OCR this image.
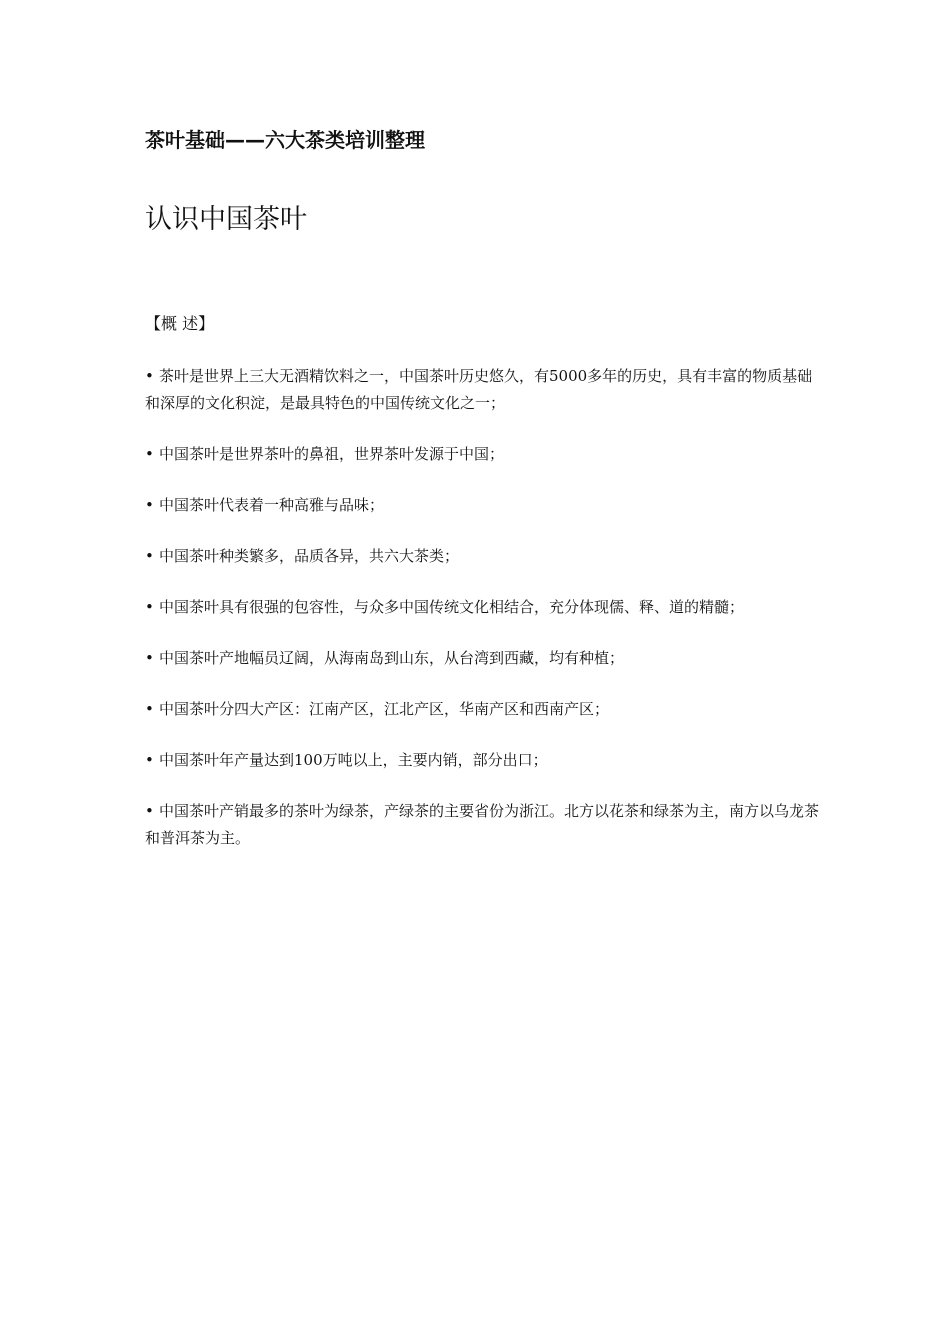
茶叶基础——六大茶类培训整理
认识中国茶叶
【概 述】
• 茶叶是世界上三大无酒精饮料之一，中国茶叶历史悠久，有5000多年的历史，具有丰富的物质基础和深厚的文化积淀，是最具特色的中国传统文化之一；
• 中国茶叶是世界茶叶的鼻祖，世界茶叶发源于中国；
• 中国茶叶代表着一种高雅与品味；
• 中国茶叶种类繁多，品质各异，共六大茶类；
• 中国茶叶具有很强的包容性，与众多中国传统文化相结合，充分体现儒、释、道的精髓；
• 中国茶叶产地幅员辽阔，从海南岛到山东，从台湾到西藏，均有种植；
• 中国茶叶分四大产区：江南产区，江北产区，华南产区和西南产区；
• 中国茶叶年产量达到100万吨以上，主要内销，部分出口；
• 中国茶叶产销最多的茶叶为绿茶，产绿茶的主要省份为浙江。北方以花茶和绿茶为主，南方以乌龙茶和普洱茶为主。
